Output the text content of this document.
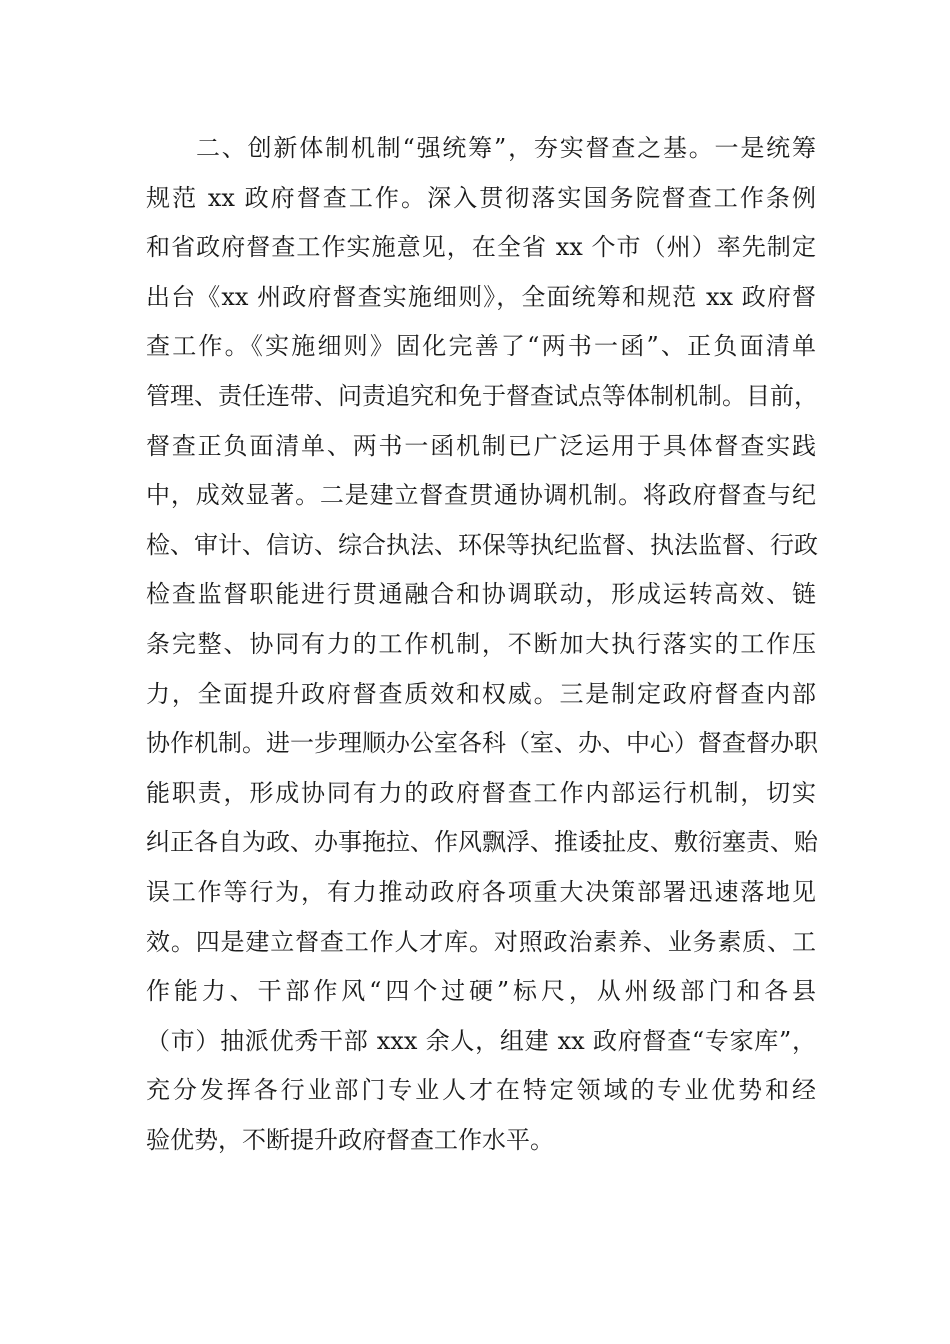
二、创新体制机制“强统筹”，夯实督查之基。一是统筹
规范 xx 政府督查工作。深入贯彻落实国务院督查工作条例
和省政府督查工作实施意见，在全省 xx 个市（州）率先制定
出台《xx 州政府督查实施细则》，全面统筹和规范 xx 政府督
查工作。《实施细则》固化完善了“两书一函”、正负面清单
管理、责任连带、问责追究和免于督查试点等体制机制。目前，
督查正负面清单、两书一函机制已广泛运用于具体督查实践
中，成效显著。二是建立督查贯通协调机制。将政府督查与纪
检、审计、信访、综合执法、环保等执纪监督、执法监督、行政
检查监督职能进行贯通融合和协调联动，形成运转高效、链
条完整、协同有力的工作机制，不断加大执行落实的工作压
力，全面提升政府督查质效和权威。三是制定政府督查内部
协作机制。进一步理顺办公室各科（室、办、中心）督查督办职
能职责，形成协同有力的政府督查工作内部运行机制，切实
纠正各自为政、办事拖拉、作风飘浮、推诿扯皮、敷衍塞责、贻
误工作等行为，有力推动政府各项重大决策部署迅速落地见
效。四是建立督查工作人才库。对照政治素养、业务素质、工
作能力、干部作风“四个过硬”标尺，从州级部门和各县
（市）抽派优秀干部 xxx 余人，组建 xx 政府督查“专家库”，
充分发挥各行业部门专业人才在特定领域的专业优势和经
验优势，不断提升政府督查工作水平。
